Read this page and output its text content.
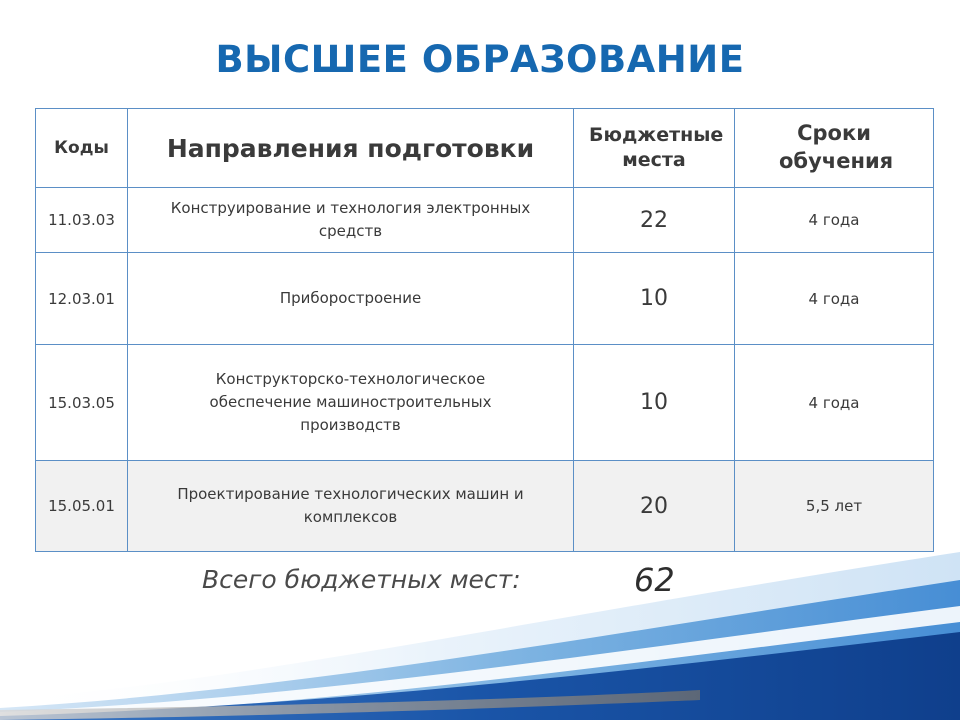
ВЫСШЕЕ ОБРАЗОВАНИЕ
Коды	Направления подготовки	Бюджетные места	Сроки обучения
11.03.03	Конструирование и технология электронных средств	22	4 года
12.03.01	Приборостроение	10	4 года
15.03.05	Конструкторско-технологическое обеспечение машиностроительных производств	10	4 года
15.05.01	Проектирование технологических машин и комплексов	20	5,5 лет
Всего бюджетных мест:	62
